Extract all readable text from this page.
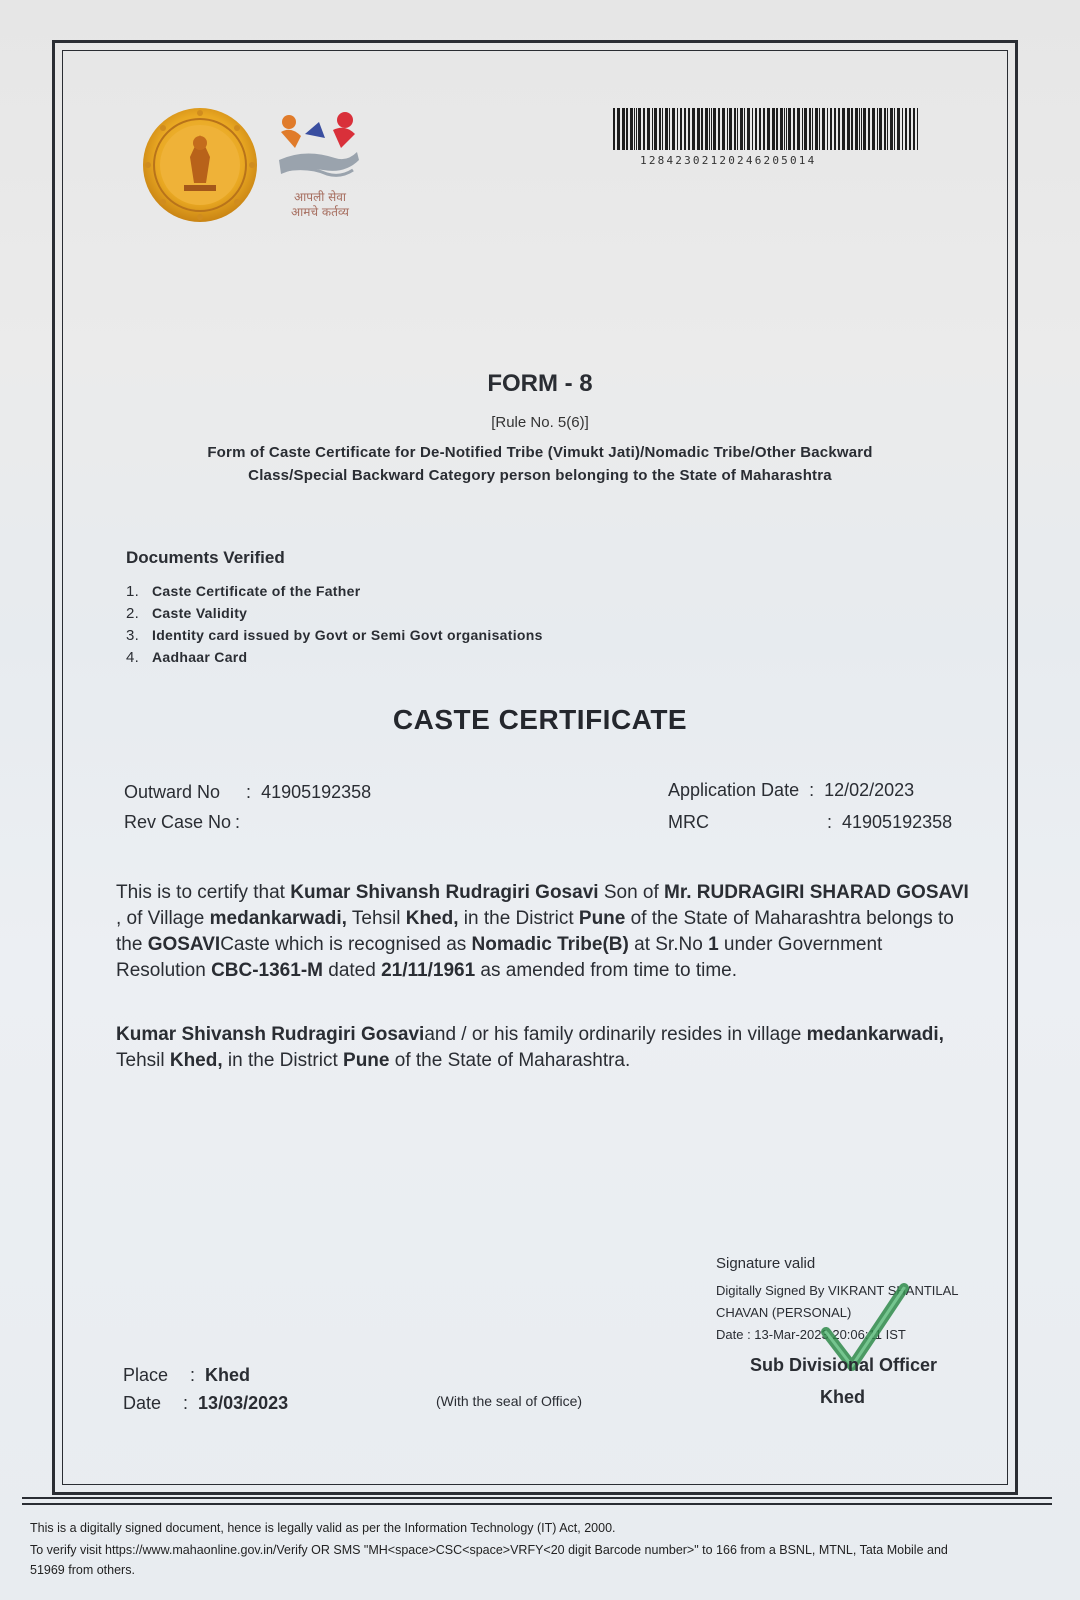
आपली सेवा
आमचे कर्तव्य
12842302120246205014
FORM - 8
[Rule No. 5(6)]
Form of Caste Certificate for De-Notified Tribe (Vimukt Jati)/Nomadic Tribe/Other Backward
Class/Special Backward Category person belonging to the State of Maharashtra
Documents Verified
1. Caste Certificate of the Father
2. Caste Validity
3. Identity card issued by Govt or Semi Govt organisations
4. Aadhaar Card
CASTE CERTIFICATE
Outward No : 41905192358
Rev Case No :
Application Date : 12/02/2023
MRC	: 41905192358
This is to certify that Kumar Shivansh Rudragiri Gosavi Son of Mr. RUDRAGIRI SHARAD GOSAVI , of Village medankarwadi, Tehsil Khed, in the District Pune of the State of Maharashtra belongs to the GOSAVICaste which is recognised as Nomadic Tribe(B) at Sr.No 1 under Government Resolution CBC-1361-M dated 21/11/1961 as amended from time to time.
Kumar Shivansh Rudragiri Gosaviand / or his family ordinarily resides in village medankarwadi, Tehsil Khed, in the District Pune of the State of Maharashtra.
Signature valid
Digitally Signed By VIKRANT SHANTILAL
CHAVAN (PERSONAL)
Date : 13-Mar-2023 20:06:11 IST
Sub Divisional Officer
Khed
Place : Khed
Date : 13/03/2023	(With the seal of Office)
This is a digitally signed document, hence is legally valid as per the Information Technology (IT) Act, 2000.
To verify visit https://www.mahaonline.gov.in/Verify OR SMS "MH<space>CSC<space>VRFY<20 digit Barcode number>" to 166 from a BSNL, MTNL, Tata Mobile and
51969 from others.
